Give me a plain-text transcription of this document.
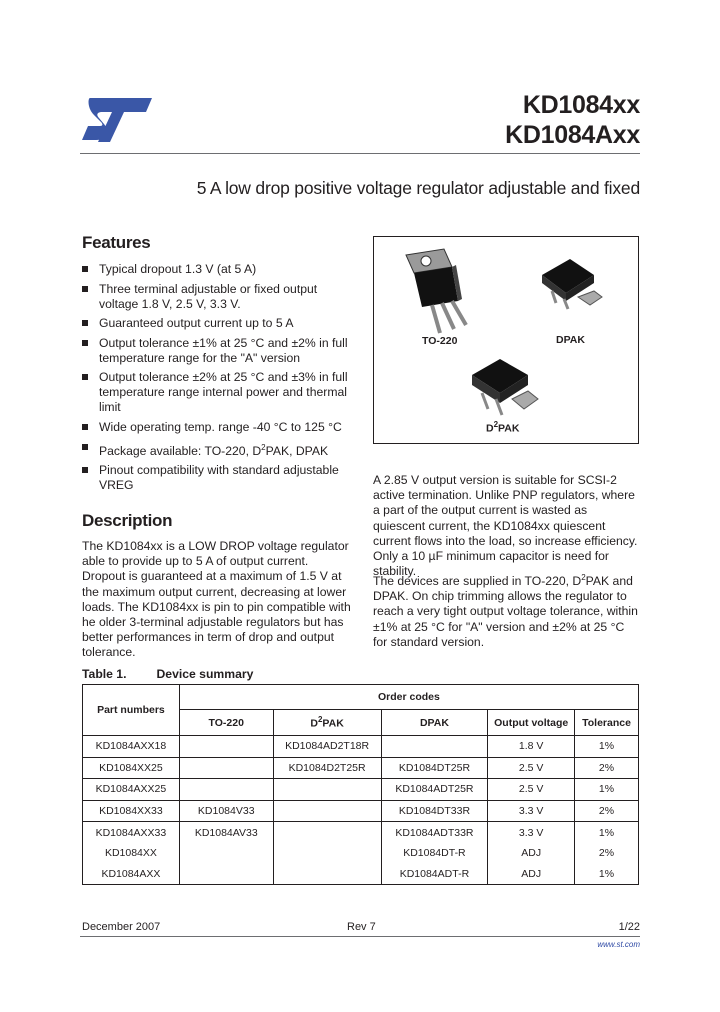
KD1084xx
KD1084Axx
5 A low drop positive voltage regulator adjustable and fixed
Features
Typical dropout 1.3 V (at 5 A)
Three terminal adjustable or fixed output voltage 1.8 V, 2.5 V, 3.3 V.
Guaranteed output current up to 5 A
Output tolerance ±1% at 25 °C and ±2% in full temperature range for the "A" version
Output tolerance ±2% at 25 °C and ±3% in full temperature range internal power and thermal limit
Wide operating temp. range -40 °C to 125 °C
Package available: TO-220, $D^2PAK$, DPAK
Pinout compatibility with standard adjustable VREG
TO-220	DPAK
$D^2PAK$
Description
The KD1084xx is a LOW DROP voltage regulator able to provide up to 5 A of output current. Dropout is guaranteed at a maximum of 1.5 V at the maximum output current, decreasing at lower loads. The KD1084xx is pin to pin compatible with he older 3-terminal adjustable regulators but has better performances in term of drop and output tolerance.
A 2.85 V output version is suitable for SCSI-2 active termination. Unlike PNP regulators, where a part of the output current is wasted as quiescent current, the KD1084xx quiescent current flows into the load, so increase efficiency. Only a 10 µF minimum capacitor is need for stability.
The devices are supplied in TO-220, $D^2PAK$ and DPAK. On chip trimming allows the regulator to reach a very tight output voltage tolerance, within ±1% at 25 °C for "A" version and ±2% at 25 °C for standard version.
Table 1. Device summary
Part numbers	Order codes				
	TO-220	$D^2PAK$	DPAK	Output voltage	Tolerance
KD1084AXX18		KD1084AD2T18R		1.8 V	1%
KD1084XX25		KD1084D2T25R	KD1084DT25R	2.5 V	2%
KD1084AXX25			KD1084ADT25R	2.5 V	1%
KD1084XX33	KD1084V33		KD1084DT33R	3.3 V	2%
KD1084AXX33	KD1084AV33		KD1084ADT33R	3.3 V	1%
KD1084XX			KD1084DT-R	ADJ	2%
KD1084AXX			KD1084ADT-R	ADJ	1%
December 2007	Rev 7	1/22
www.st.com
